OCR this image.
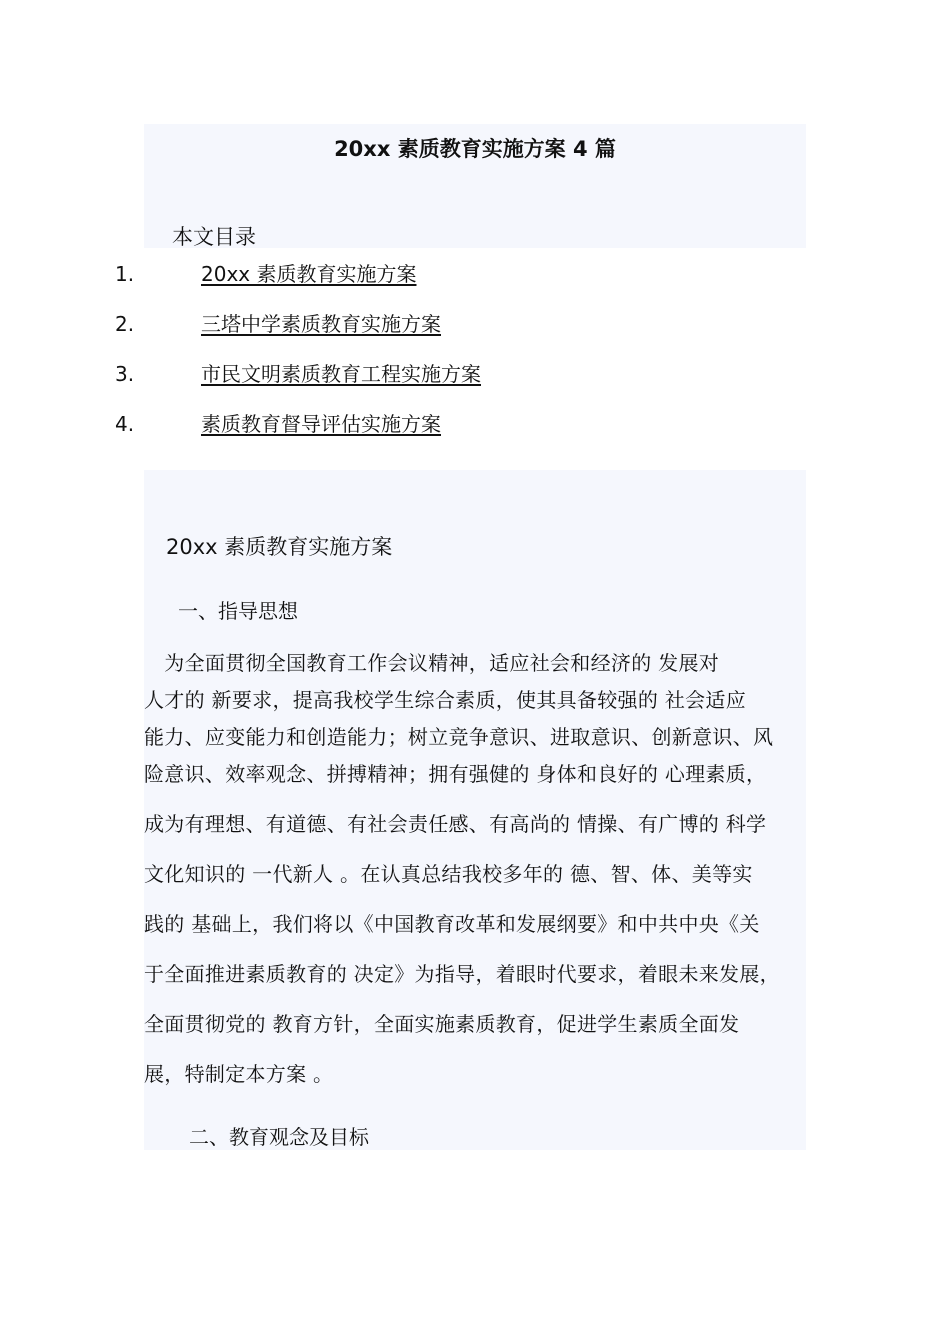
20xx 素质教育实施方案 4 篇
本文目录
1.	20xx 素质教育实施方案
2.	三塔中学素质教育实施方案
3.	市民文明素质教育工程实施方案
4.	素质教育督导评估实施方案
20xx 素质教育实施方案
一、指导思想
　为全面贯彻全国教育工作会议精神，适应社会和经济的 发展对
人才的 新要求，提高我校学生综合素质，使其具备较强的 社会适应
能力、应变能力和创造能力；树立竞争意识、进取意识、创新意识、风
险意识、效率观念、拼搏精神；拥有强健的 身体和良好的 心理素质，
成为有理想、有道德、有社会责任感、有高尚的 情操、有广博的 科学
文化知识的 一代新人 。在认真总结我校多年的 德、智、体、美等实
践的 基础上，我们将以《中国教育改革和发展纲要》和中共中央《关
于全面推进素质教育的 决定》为指导，着眼时代要求，着眼未来发展，
全面贯彻党的 教育方针，全面实施素质教育，促进学生素质全面发
展，特制定本方案 。
二、教育观念及目标
